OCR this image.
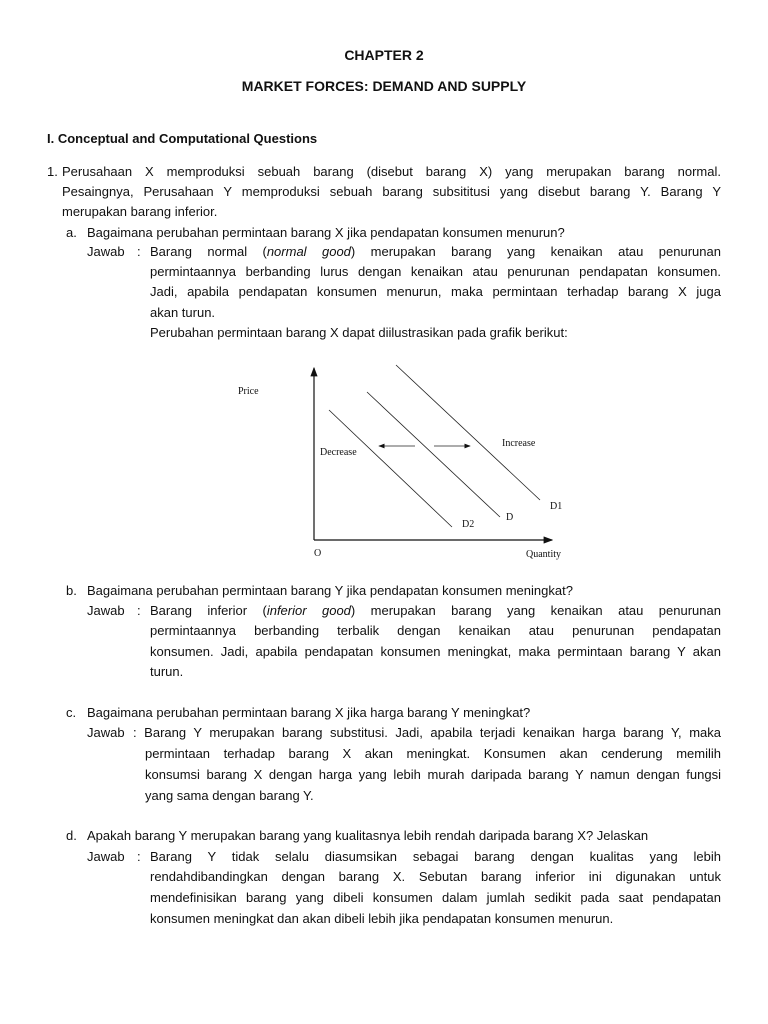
CHAPTER 2
MARKET FORCES: DEMAND AND SUPPLY
I. Conceptual and Computational Questions
1. Perusahaan X memproduksi sebuah barang (disebut barang X) yang merupakan barang normal.
Pesaingnya, Perusahaan Y memproduksi sebuah barang subsititusi yang disebut barang Y. Barang Y
merupakan barang inferior.
a. Bagaimana perubahan permintaan barang X jika pendapatan konsumen menurun?
Jawab : Barang normal (normal good) merupakan barang yang kenaikan atau penurunan
permintaannya berbanding lurus dengan kenaikan atau penurunan pendapatan konsumen.
Jadi, apabila pendapatan konsumen menurun, maka permintaan terhadap barang X juga
akan turun.
Perubahan permintaan barang X dapat diilustrasikan pada grafik berikut:
Price
Quantity
O
Decrease
Increase
D2
D
D1
b. Bagaimana perubahan permintaan barang Y jika pendapatan konsumen meningkat?
Jawab : Barang inferior (inferior good) merupakan barang yang kenaikan atau penurunan
permintaannya berbanding terbalik dengan kenaikan atau penurunan pendapatan
konsumen. Jadi, apabila pendapatan konsumen meningkat, maka permintaan barang Y akan
turun.
c. Bagaimana perubahan permintaan barang X jika harga barang Y meningkat?
Jawab : Barang Y merupakan barang substitusi. Jadi, apabila terjadi kenaikan harga barang Y, maka
permintaan terhadap barang X akan meningkat. Konsumen akan cenderung memilih
konsumsi barang X dengan harga yang lebih murah daripada barang Y namun dengan fungsi
yang sama dengan barang Y.
d. Apakah barang Y merupakan barang yang kualitasnya lebih rendah daripada barang X? Jelaskan
Jawab : Barang Y tidak selalu diasumsikan sebagai barang dengan kualitas yang lebih
rendahdibandingkan dengan barang X. Sebutan barang inferior ini digunakan untuk
mendefinisikan barang yang dibeli konsumen dalam jumlah sedikit pada saat pendapatan
konsumen meningkat dan akan dibeli lebih jika pendapatan konsumen menurun.
